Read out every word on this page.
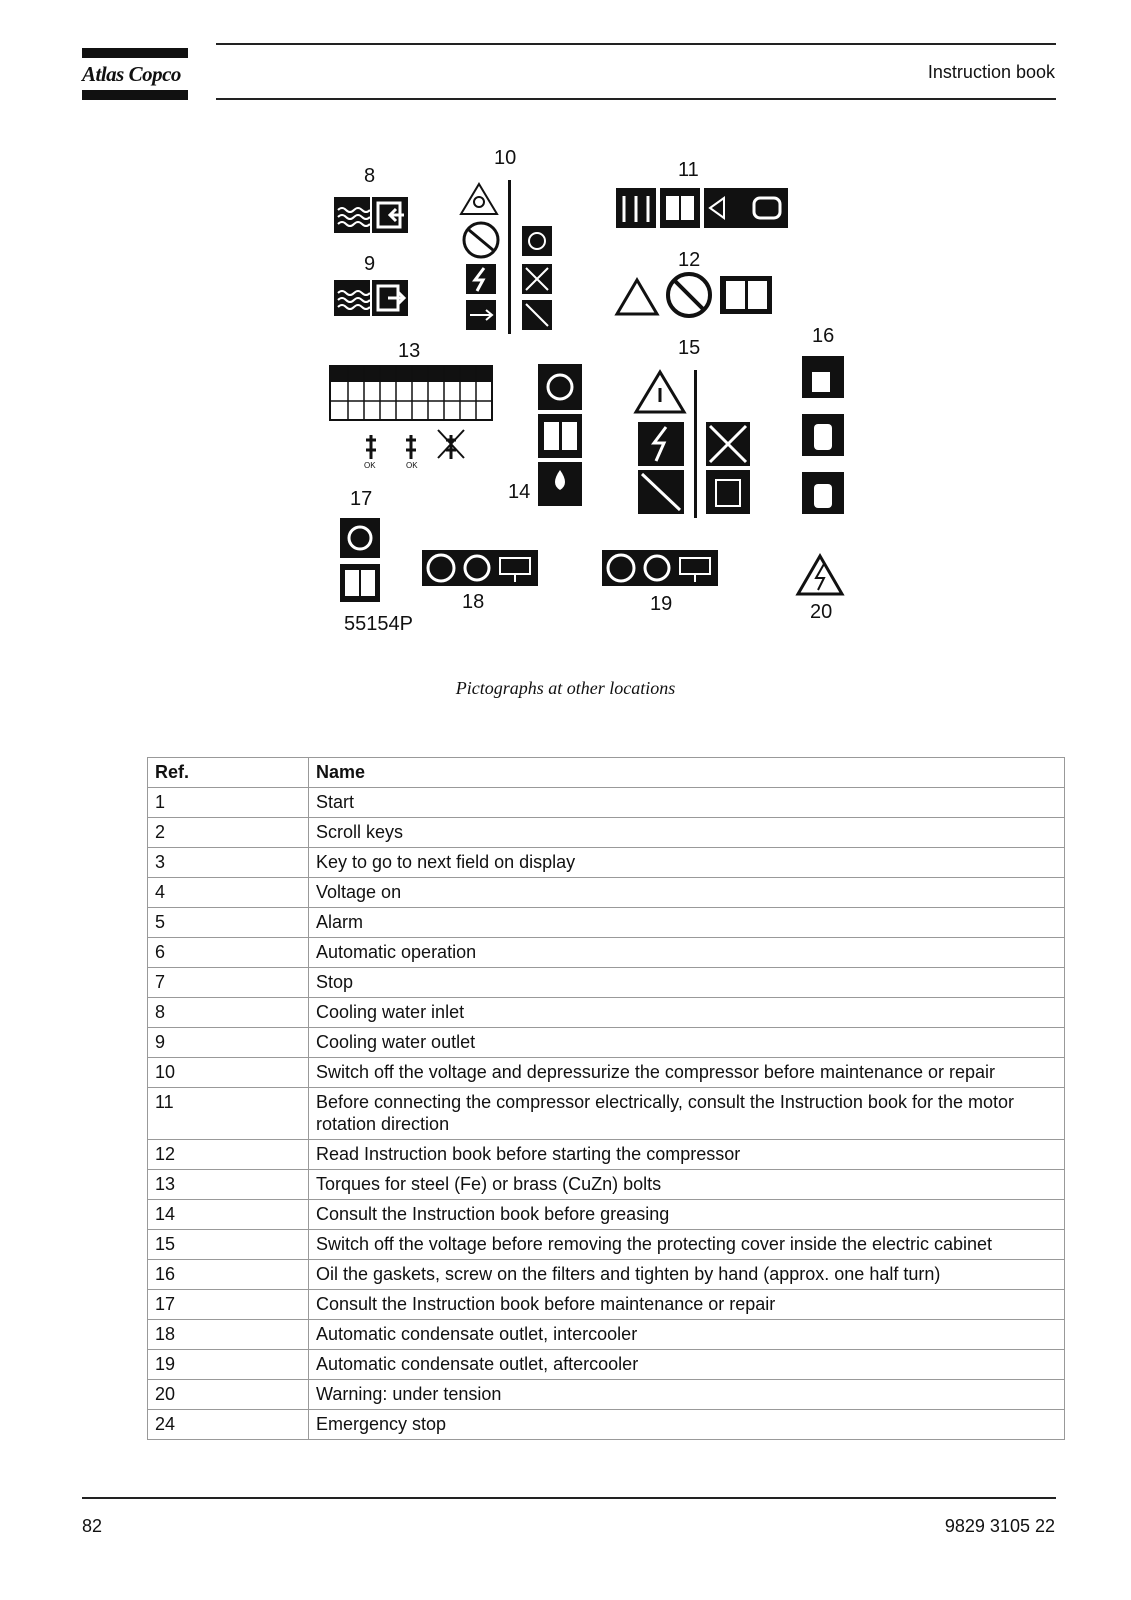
Atlas Copco	Instruction book
8
9
10
11
12
13
OK	OK
14
15
16
17
55154P
18	19	20
Pictographs at other locations
Ref.	Name
1	Start
2	Scroll keys
3	Key to go to next field on display
4	Voltage on
5	Alarm
6	Automatic operation
7	Stop
8	Cooling water inlet
9	Cooling water outlet
10	Switch off the voltage and depressurize the compressor before maintenance or repair
11	Before connecting the compressor electrically, consult the Instruction book for the motor rotation direction
12	Read Instruction book before starting the compressor
13	Torques for steel (Fe) or brass (CuZn) bolts
14	Consult the Instruction book before greasing
15	Switch off the voltage before removing the protecting cover inside the electric cabinet
16	Oil the gaskets, screw on the filters and tighten by hand (approx. one half turn)
17	Consult the Instruction book before maintenance or repair
18	Automatic condensate outlet, intercooler
19	Automatic condensate outlet, aftercooler
20	Warning: under tension
24	Emergency stop
82	9829 3105 22
